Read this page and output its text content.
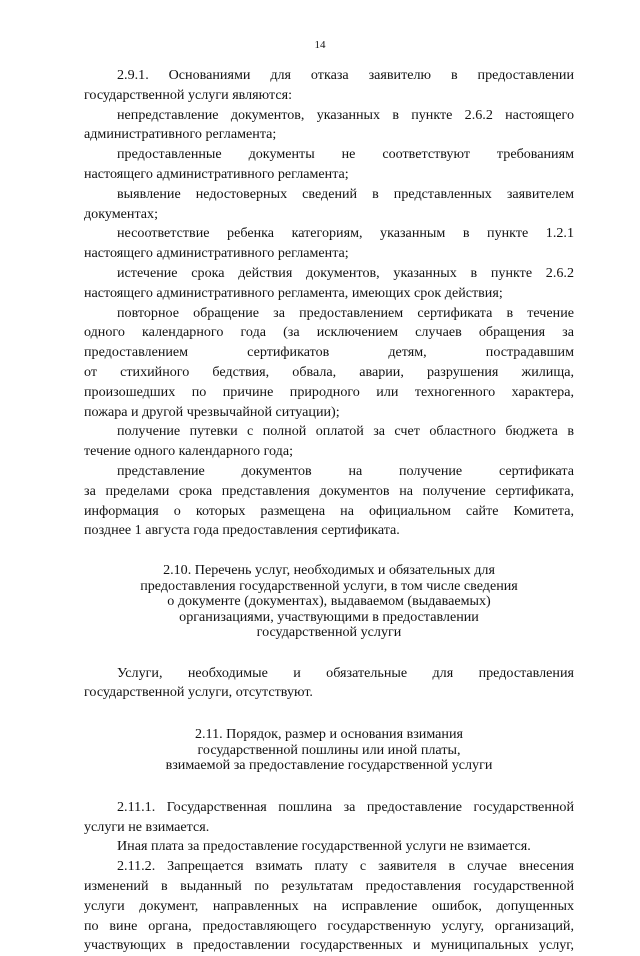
14

2.9.1. Основаниями для отказа заявителю в предоставлении

государственной услуги являются:

непредставление документов, указанных в пункте 2.6.2 настоящего

административного регламента;

предоставленные документы не соответствуют требованиям

настоящего административного регламента;

выявление недостоверных сведений в представленных заявителем

документах;

несоответствие ребенка категориям, указанным в пункте 1.2.1

настоящего административного регламента;

истечение срока действия документов, указанных в пункте 2.6.2

настоящего административного регламента, имеющих срок действия;

повторное обращение за предоставлением сертификата в течение

одного календарного года (за исключением случаев обращения за

предоставлением сертификатов детям, пострадавшим

от стихийного бедствия, обвала, аварии, разрушения жилища,

произошедших по причине природного или техногенного характера,

пожара и другой чрезвычайной ситуации);

получение путевки с полной оплатой за счет областного бюджета в

течение одного календарного года;

представление документов на получение сертификата

за пределами срока представления документов на получение сертификата,

информация о которых размещена на официальном сайте Комитета,

позднее 1 августа года предоставления сертификата.

2.10. Перечень услуг, необходимых и обязательных для
предоставления государственной услуги, в том числе сведения
о документе (документах), выдаваемом (выдаваемых)
организациями, участвующими в предоставлении
государственной услуги

Услуги, необходимые и обязательные для предоставления

государственной услуги, отсутствуют.

2.11. Порядок, размер и основания взимания
государственной пошлины или иной платы,
взимаемой за предоставление государственной услуги

2.11.1. Государственная пошлина за предоставление государственной

услуги не взимается.

Иная плата за предоставление государственной услуги не взимается.

2.11.2. Запрещается взимать плату с заявителя в случае внесения

изменений в выданный по результатам предоставления государственной

услуги документ, направленных на исправление ошибок, допущенных

по вине органа, предоставляющего государственную услугу, организаций,

участвующих в предоставлении государственных и муниципальных услуг,
